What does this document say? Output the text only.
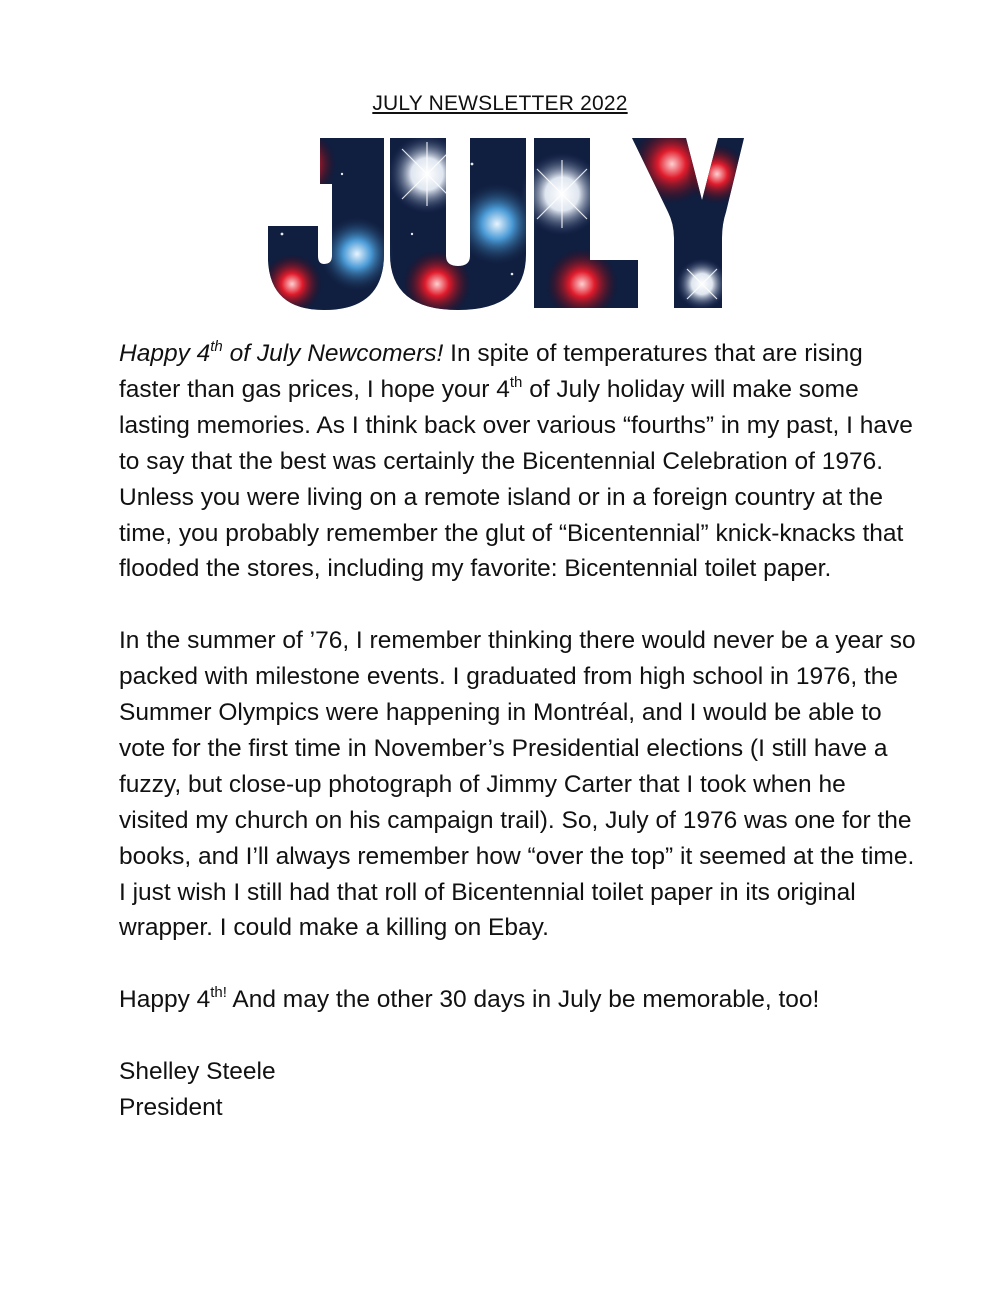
JULY NEWSLETTER 2022

Happy 4th of July Newcomers! In spite of temperatures that are rising faster than gas prices, I hope your 4th of July holiday will make some lasting memories. As I think back over various “fourths” in my past, I have to say that the best was certainly the Bicentennial Celebration of 1976. Unless you were living on a remote island or in a foreign country at the time, you probably remember the glut of “Bicentennial” knick-knacks that flooded the stores, including my favorite: Bicentennial toilet paper.

In the summer of ’76, I remember thinking there would never be a year so packed with milestone events. I graduated from high school in 1976, the Summer Olympics were happening in Montréal, and I would be able to vote for the first time in November’s Presidential elections (I still have a fuzzy, but close-up photograph of Jimmy Carter that I took when he visited my church on his campaign trail). So, July of 1976 was one for the books, and I’ll always remember how “over the top” it seemed at the time. I just wish I still had that roll of Bicentennial toilet paper in its original wrapper. I could make a killing on Ebay.

Happy $4^{th!}$ And may the other 30 days in July be memorable, too!

Shelley Steele

President
